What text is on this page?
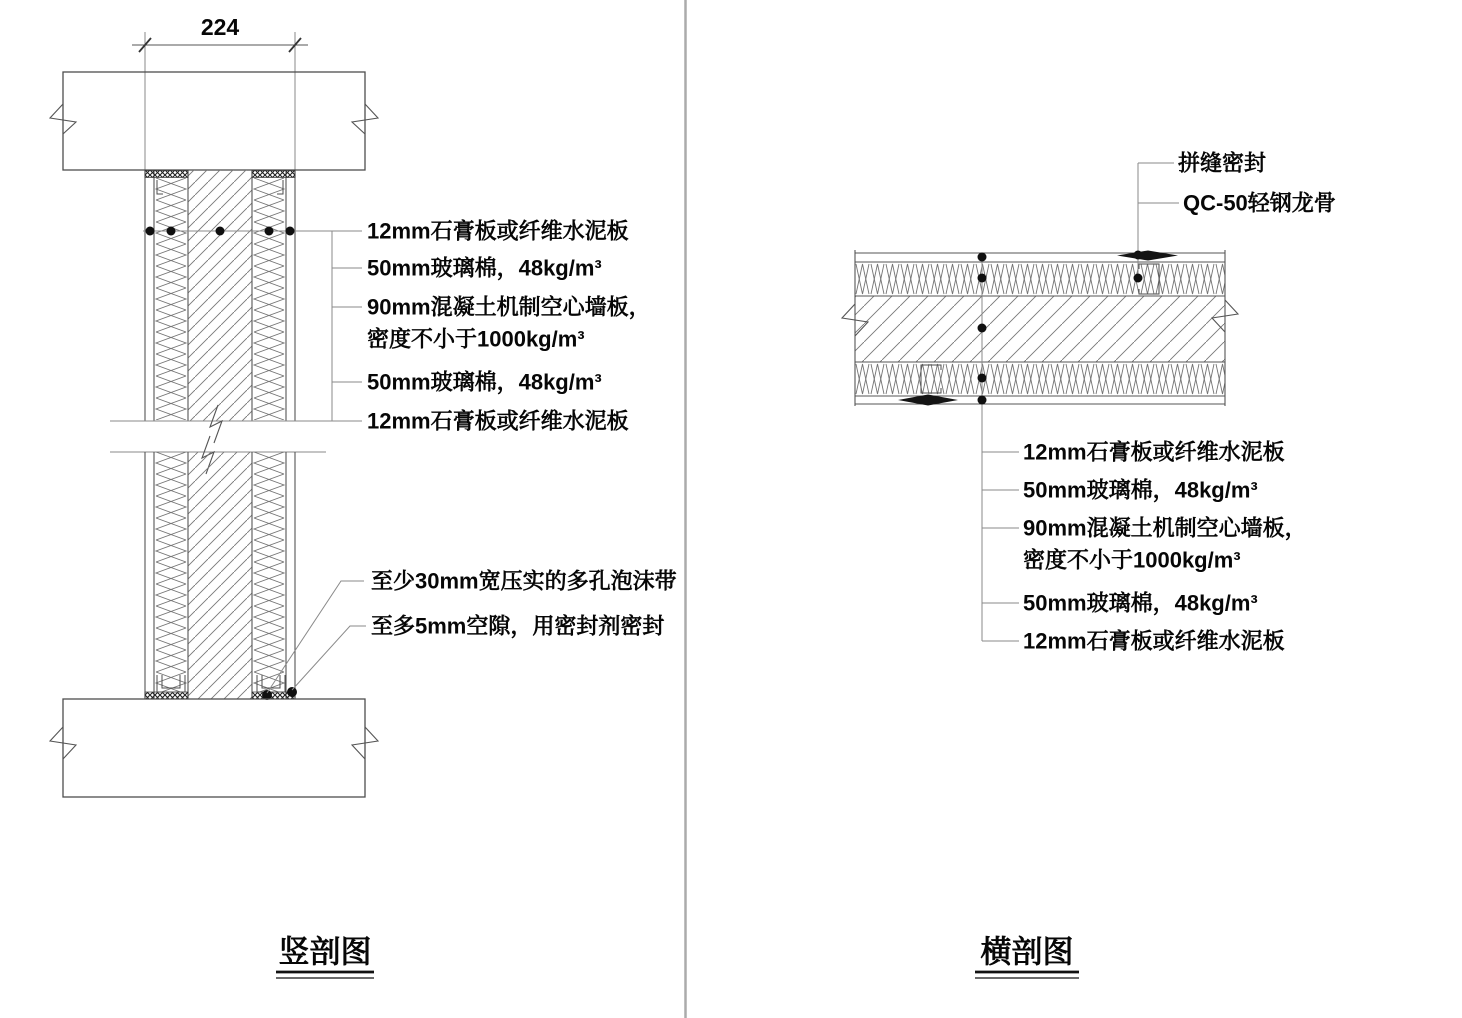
224
12mm石膏板或纤维水泥板
50mm玻璃棉，48kg/m³
90mm混凝土机制空心墙板，
密度不小于1000kg/m³
50mm玻璃棉，48kg/m³
12mm石膏板或纤维水泥板
至少30mm宽压实的多孔泡沫带
至多5mm空隙，用密封剂密封
竖剖图
拼缝密封
QC-50轻钢龙骨
12mm石膏板或纤维水泥板
50mm玻璃棉，48kg/m³
90mm混凝土机制空心墙板，
密度不小于1000kg/m³
50mm玻璃棉，48kg/m³
12mm石膏板或纤维水泥板
横剖图
